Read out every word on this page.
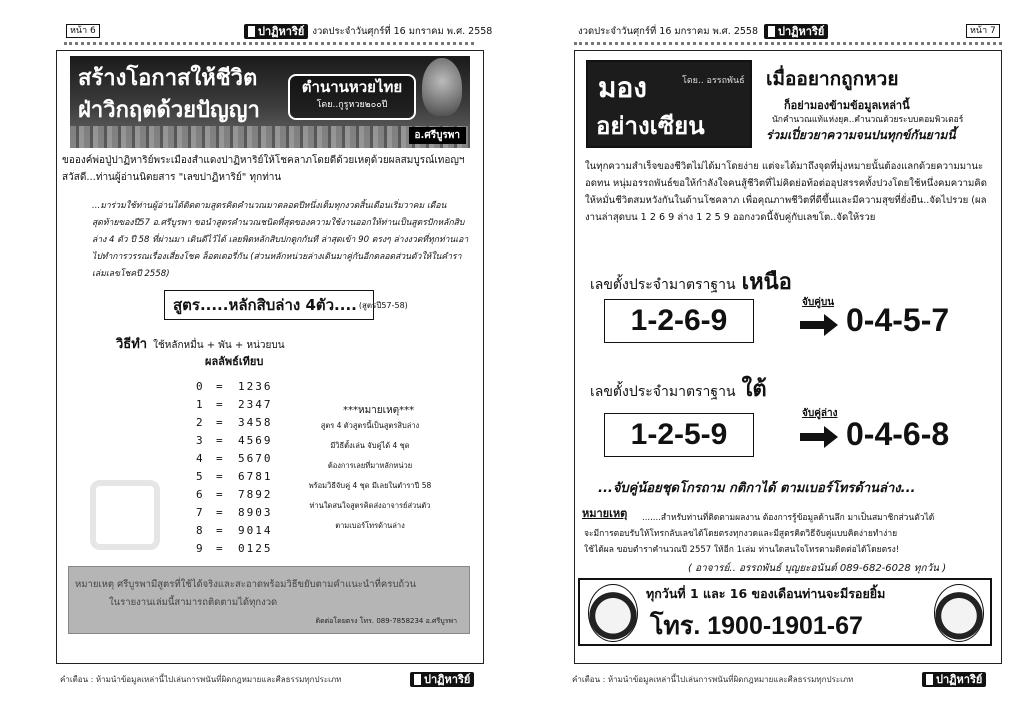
หน้า 6	ปาฏิหาริย์ งวดประจำวันศุกร์ที่ 16 มกราคม พ.ศ. 2558
สร้างโอกาสให้ชีวิต
ฝ่าวิกฤตด้วยปัญญา
ตำนานหวยไทย
โดย..กูรูหวย๒๐๐ปี
อ.ศรีบูรพา
ขอองค์พ่อปู่ปาฏิหาริย์พระเมืองสำแดงปาฏิหาริย์ให้โชคลาภโดยดีด้วยเหตุด้วยผลสมบูรณ์เทอญฯ สวัสดี...ท่านผู้อ่านนิตยสาร "เลขปาฏิหาริย์" ทุกท่าน
...มาร่วมใช้ท่านผู้อ่านได้ติดตามสูตรคิดคำนวณมาตลอดปีหนึ่งเต็มทุกงวดสิ้นเดือนเริ่มวาคม เดือนสุดท้ายของปี57 อ.ศรีบูรพา ขอนำสูตรคำนวณชนิดที่สุดของความใช้งานออกให้ท่านเป็นสูตรปักหลักสิบล่าง 4 ตัว ปี 58 ที่ผ่านมา เดินดีไว้ได้ เลยพิตหลักสิบปกตูกกันที ล่าสุดเข้า 90 ตรงๆ ล่างงวดที่ทุกท่านเอาไปทำการวรรณเรื่องเสี่ยงโชค ล็อตเตอรี่กัน (ส่วนหลักหน่วยล่างเดินมาคู่กันอีกตลอดส่วนตัวให้ในคำราเล่มเลขโชคปี 2558)
สูตร.....หลักสิบล่าง 4ตัว.... (สูตรปี57-58)
วิธีทำ ใช้หลักหมื่น + พัน + หน่วยบน
ผลลัพธ์เทียบ
0 = 1236
1 = 2347
2 = 3458
3 = 4569
4 = 5670
5 = 6781
6 = 7892
7 = 8903
8 = 9014
9 = 0125
***หมายเหตุ***
สูตร 4 ตัวสูตรนี้เป็นสูตรสิบล่าง
มีวิธีตั้งเล่น จับคู่ได้ 4 ชุด
ต้องการเลยที่มาหลักหน่วย
พร้อมวิธีจับคู่ 4 ชุด มีเลยในตำราปี 58
ท่านใดสนใจสูตรคิดส่งอาจารย์ส่วนตัว
ตามเบอร์โทรด้านล่าง
หมายเหตุ ศรีบูรพามีสูตรที่ใช้ได้จริงและสะอาดพร้อมวิธีขยับตามคำแนะนำที่ครบถ้วน
ในรายงานเล่มนี้สามารถติดตามได้ทุกงวด
ติดต่อโดยตรง โทร. 089-7858234 อ.ศรีบูรพา
คำเตือน : ห้ามนำข้อมูลเหล่านี้ไปเล่นการพนันที่ผิดกฎหมายและศีลธรรมทุกประเภท	ปาฏิหาริย์
งวดประจำวันศุกร์ที่ 16 มกราคม พ.ศ. 2558 ปาฏิหาริย์	หน้า 7
มอง	โดย.. อรรถพันธ์
อย่างเซียน
เมื่ออยากถูกหวย
ก็อย่ามองข้ามข้อมูลเหล่านี้
นักคำนวณแท้แห่งยุค..คำนวณด้วยระบบคอมพิวเตอร์
ร่วมเปี่ยวยาความจนปนทุกข์กันยามนี้
ในทุกความสำเร็จของชีวิตไม่ได้มาโดยง่าย แต่จะได้มาถึงจุดที่มุ่งหมายนั้นต้องแลกด้วยความมานะอดทน หนุ่มอรรถพันธ์ขอให้กำลังใจคนสู้ชีวิตที่ไม่คิดย่อท้อต่ออุปสรรคทั้งปวงโดยใช้หนึ่งคมความคิดให้หมั่นชีวิตสมหวังกันในด้านโชคลาภ เพื่อคุณภาพชีวิตที่ดีขึ้นและมีความสุขที่ยั่งยืน..จัดไปรวย (ผลงานล่าสุดบน 1 2 6 9 ล่าง 1 2 5 9 ออกงวดนี้จับคู่กับเลขโต..จัดให้รวย
เลขตั้งประจำมาตราฐาน เหนือ
1-2-6-9
จับคู่บน 0-4-5-7
เลขตั้งประจำมาตราฐาน ใต้
1-2-5-9
จับคู่ล่าง
0-4-6-8
...จับคู่น้อยชุดโกรถาม กติกาได้ ตามเบอร์โทรด้านล่าง...
หมายเหตุ .......สำหรับท่านที่ติดตามผลงาน ต้องการรู้ข้อมูลด้านลึก มาเป็นสมาชิกส่วนตัวได้
จะมีการตอบรับให้โทรกลับเลขได้โดยตรงทุกงวดและมีสูตรคิดวิธีจับคู่แบบคิดง่ายทำง่าย
ใช้ได้ผล ขอบตำราคำนวณปี 2557 ให้อีก 1เล่ม ท่านใดสนใจโทรตามติดต่อได้โดยตรง!
( อาจารย์.. อรรถพันธ์ บุญยะอนันต์ 089-682-6028 ทุกวัน )
ทุกวันที่ 1 และ 16 ของเดือนท่านจะมีรอยยิ้ม
โทร. 1900-1901-67
คำเตือน : ห้ามนำข้อมูลเหล่านี้ไปเล่นการพนันที่ผิดกฎหมายและศีลธรรมทุกประเภท	ปาฏิหาริย์
